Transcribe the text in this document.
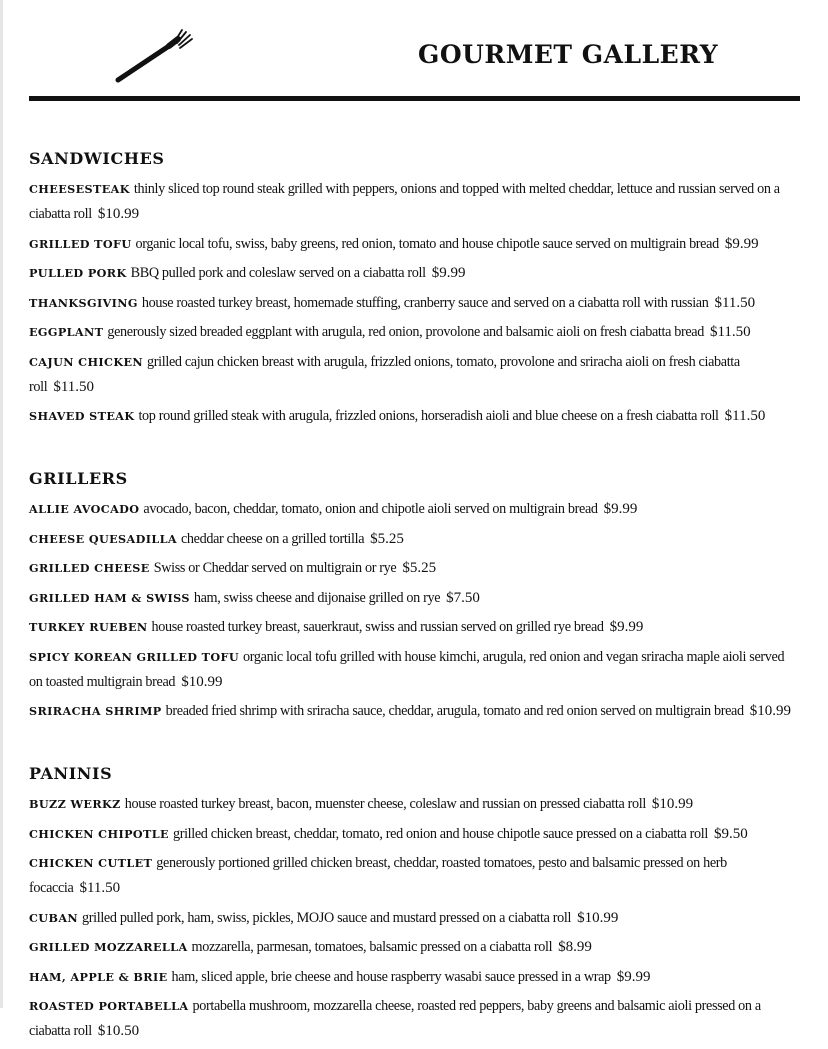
GOURMET GALLERY
SANDWICHES
CHEESESTEAK thinly sliced top round steak grilled with peppers, onions and topped with melted cheddar, lettuce and russian served on a ciabatta roll $10.99
GRILLED TOFU organic local tofu, swiss, baby greens, red onion, tomato and house chipotle sauce served on multigrain bread $9.99
PULLED PORK BBQ pulled pork and coleslaw served on a ciabatta roll $9.99
THANKSGIVING house roasted turkey breast, homemade stuffing, cranberry sauce and served on a ciabatta roll with russian $11.50
EGGPLANT generously sized breaded eggplant with arugula, red onion, provolone and balsamic aioli on fresh ciabatta bread $11.50
CAJUN CHICKEN grilled cajun chicken breast with arugula, frizzled onions, tomato, provolone and sriracha aioli on fresh ciabatta roll $11.50
SHAVED STEAK top round grilled steak with arugula, frizzled onions, horseradish aioli and blue cheese on a fresh ciabatta roll $11.50
GRILLERS
ALLIE AVOCADO avocado, bacon, cheddar, tomato, onion and chipotle aioli served on multigrain bread $9.99
CHEESE QUESADILLA cheddar cheese on a grilled tortilla $5.25
GRILLED CHEESE Swiss or Cheddar served on multigrain or rye $5.25
GRILLED HAM & SWISS ham, swiss cheese and dijonaise grilled on rye $7.50
TURKEY RUEBEN house roasted turkey breast, sauerkraut, swiss and russian served on grilled rye bread $9.99
SPICY KOREAN GRILLED TOFU organic local tofu grilled with house kimchi, arugula, red onion and vegan sriracha maple aioli served on toasted multigrain bread $10.99
SRIRACHA SHRIMP breaded fried shrimp with sriracha sauce, cheddar, arugula, tomato and red onion served on multigrain bread $10.99
PANINIS
BUZZ WERKZ house roasted turkey breast, bacon, muenster cheese, coleslaw and russian on pressed ciabatta roll $10.99
CHICKEN CHIPOTLE grilled chicken breast, cheddar, tomato, red onion and house chipotle sauce pressed on a ciabatta roll $9.50
CHICKEN CUTLET generously portioned grilled chicken breast, cheddar, roasted tomatoes, pesto and balsamic pressed on herb focaccia $11.50
CUBAN grilled pulled pork, ham, swiss, pickles, MOJO sauce and mustard pressed on a ciabatta roll $10.99
GRILLED MOZZARELLA mozzarella, parmesan, tomatoes, balsamic pressed on a ciabatta roll $8.99
HAM, APPLE & BRIE ham, sliced apple, brie cheese and house raspberry wasabi sauce pressed in a wrap $9.99
ROASTED PORTABELLA portabella mushroom, mozzarella cheese, roasted red peppers, baby greens and balsamic aioli pressed on a ciabatta roll $10.50
